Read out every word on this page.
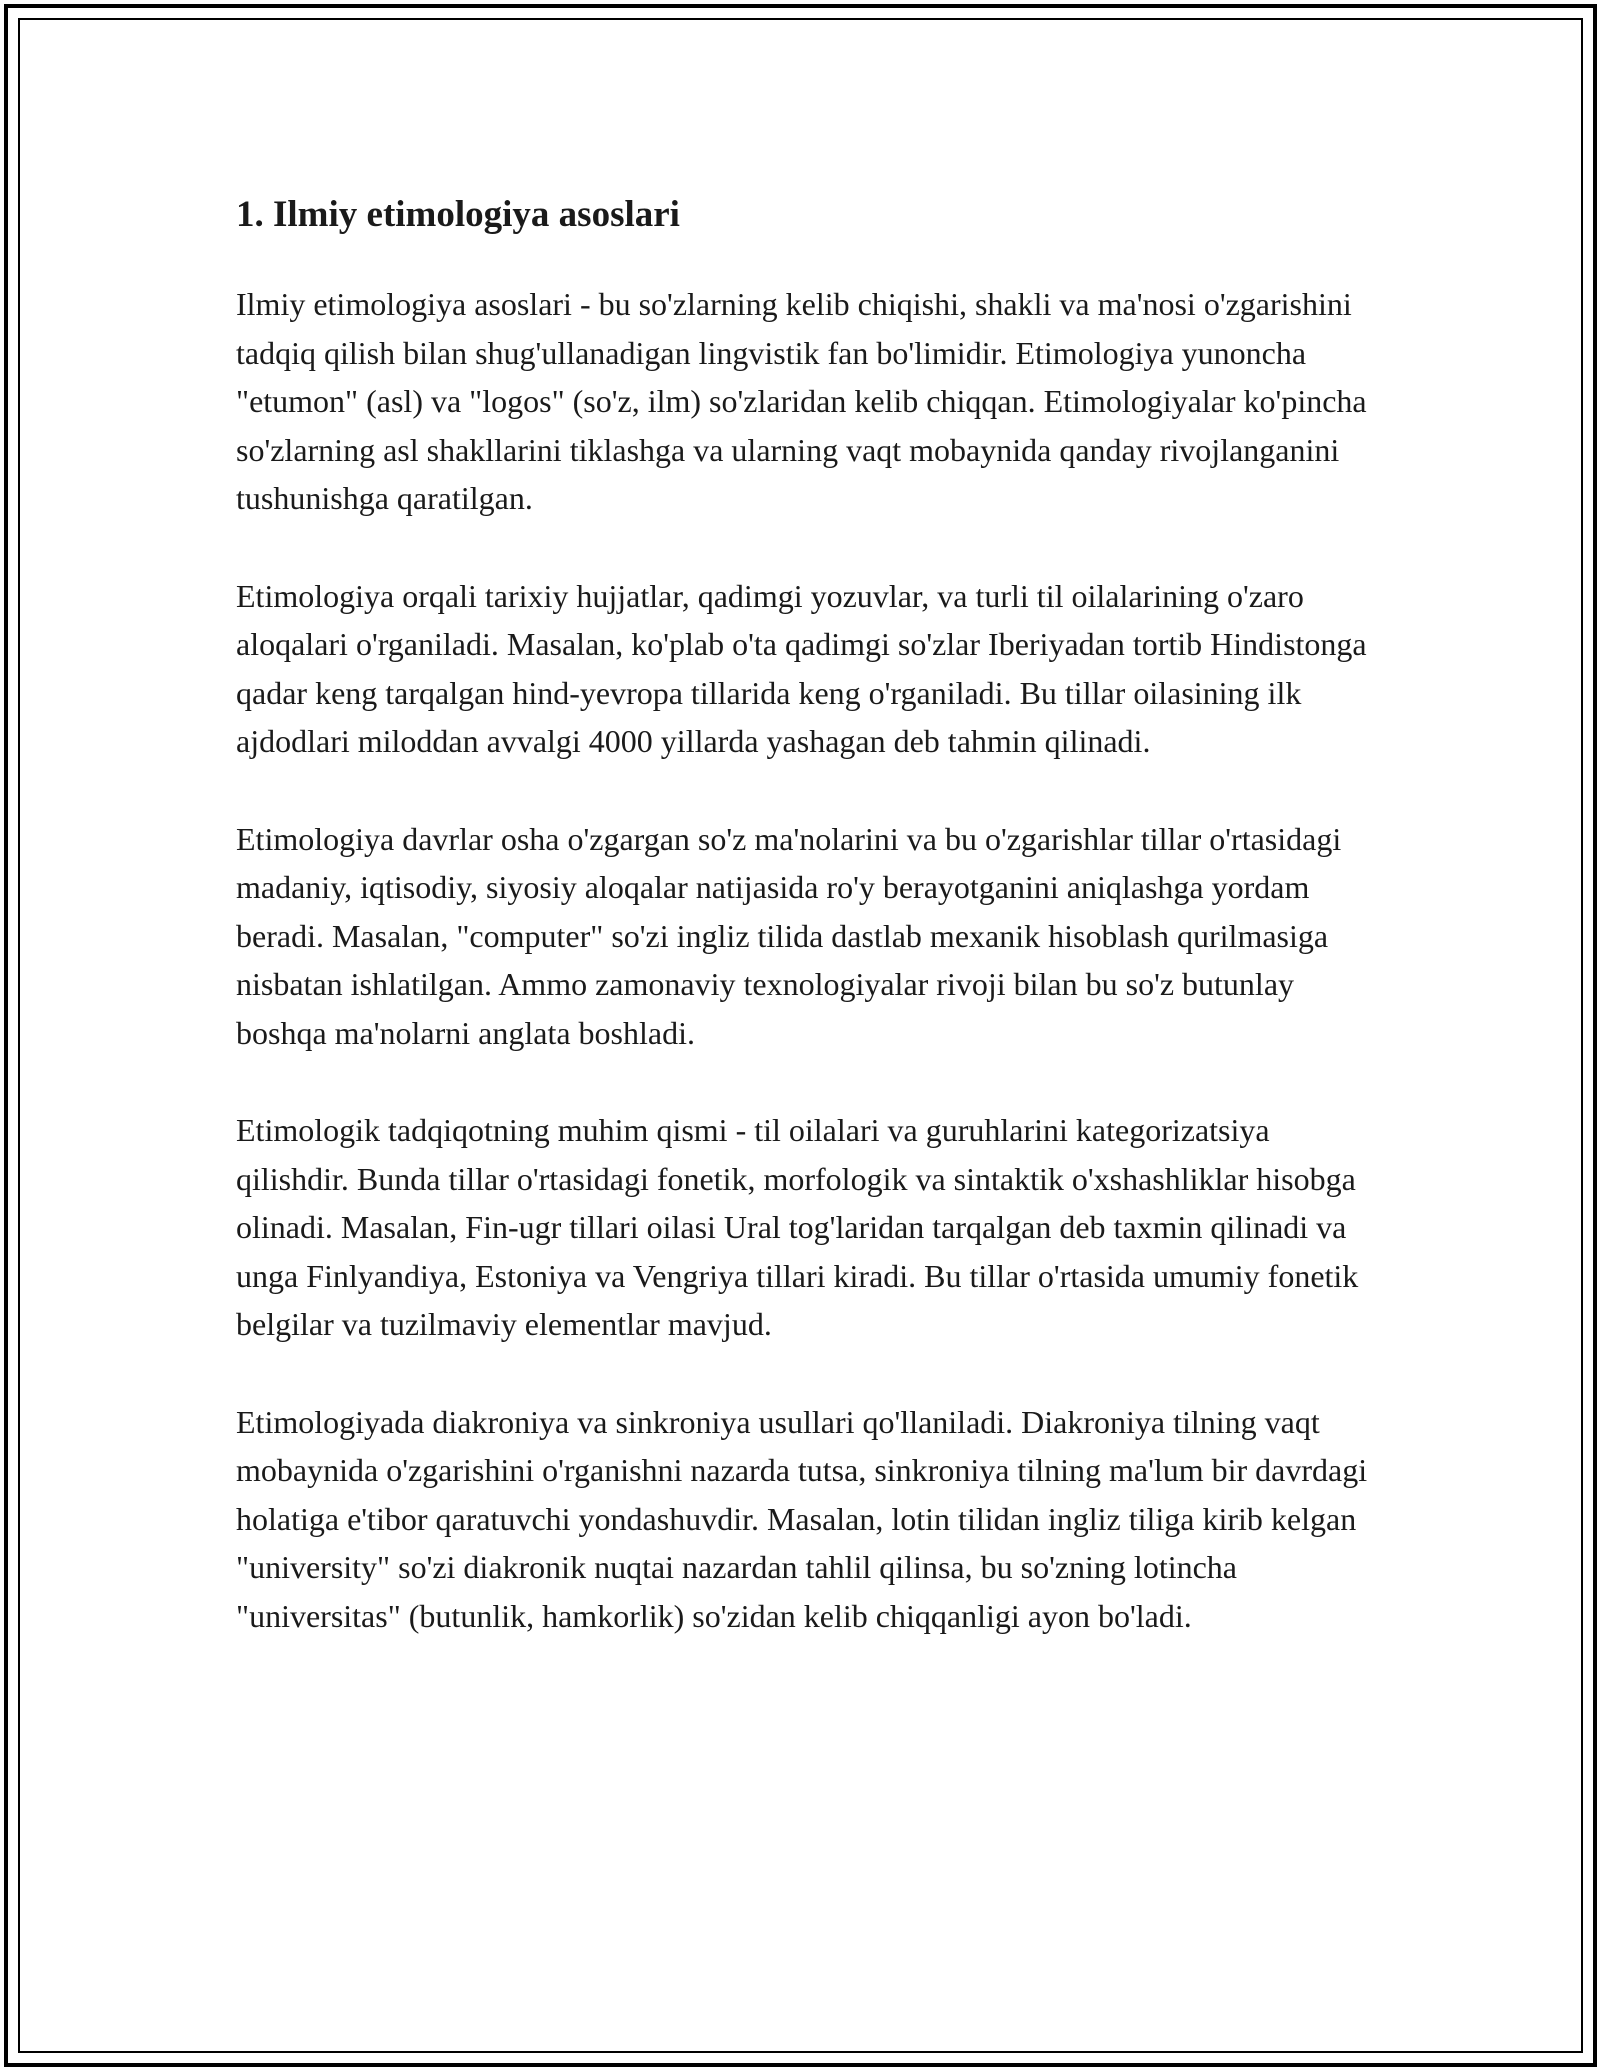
1. Ilmiy etimologiya asoslari

Ilmiy etimologiya asoslari - bu so'zlarning kelib chiqishi, shakli va ma'nosi o'zgarishini tadqiq qilish bilan shug'ullanadigan lingvistik fan bo'limidir. Etimologiya yunoncha "etumon" (asl) va "logos" (so'z, ilm) so'zlaridan kelib chiqqan. Etimologiyalar ko'pincha so'zlarning asl shakllarini tiklashga va ularning vaqt mobaynida qanday rivojlanganini tushunishga qaratilgan.

Etimologiya orqali tarixiy hujjatlar, qadimgi yozuvlar, va turli til oilalarining o'zaro aloqalari o'rganiladi. Masalan, ko'plab o'ta qadimgi so'zlar Iberiyadan tortib Hindistonga qadar keng tarqalgan hind-yevropa tillarida keng o'rganiladi. Bu tillar oilasining ilk ajdodlari miloddan avvalgi 4000 yillarda yashagan deb tahmin qilinadi.

Etimologiya davrlar osha o'zgargan so'z ma'nolarini va bu o'zgarishlar tillar o'rtasidagi madaniy, iqtisodiy, siyosiy aloqalar natijasida ro'y berayotganini aniqlashga yordam beradi. Masalan, "computer" so'zi ingliz tilida dastlab mexanik hisoblash qurilmasiga nisbatan ishlatilgan. Ammo zamonaviy texnologiyalar rivoji bilan bu so'z butunlay boshqa ma'nolarni anglata boshladi.

Etimologik tadqiqotning muhim qismi - til oilalari va guruhlarini kategorizatsiya qilishdir. Bunda tillar o'rtasidagi fonetik, morfologik va sintaktik o'xshashliklar hisobga olinadi. Masalan, Fin-ugr tillari oilasi Ural tog'laridan tarqalgan deb taxmin qilinadi va unga Finlyandiya, Estoniya va Vengriya tillari kiradi. Bu tillar o'rtasida umumiy fonetik belgilar va tuzilmaviy elementlar mavjud.

Etimologiyada diakroniya va sinkroniya usullari qo'llaniladi. Diakroniya tilning vaqt mobaynida o'zgarishini o'rganishni nazarda tutsa, sinkroniya tilning ma'lum bir davrdagi holatiga e'tibor qaratuvchi yondashuvdir. Masalan, lotin tilidan ingliz tiliga kirib kelgan "university" so'zi diakronik nuqtai nazardan tahlil qilinsa, bu so'zning lotincha "universitas" (butunlik, hamkorlik) so'zidan kelib chiqqanligi ayon bo'ladi.
